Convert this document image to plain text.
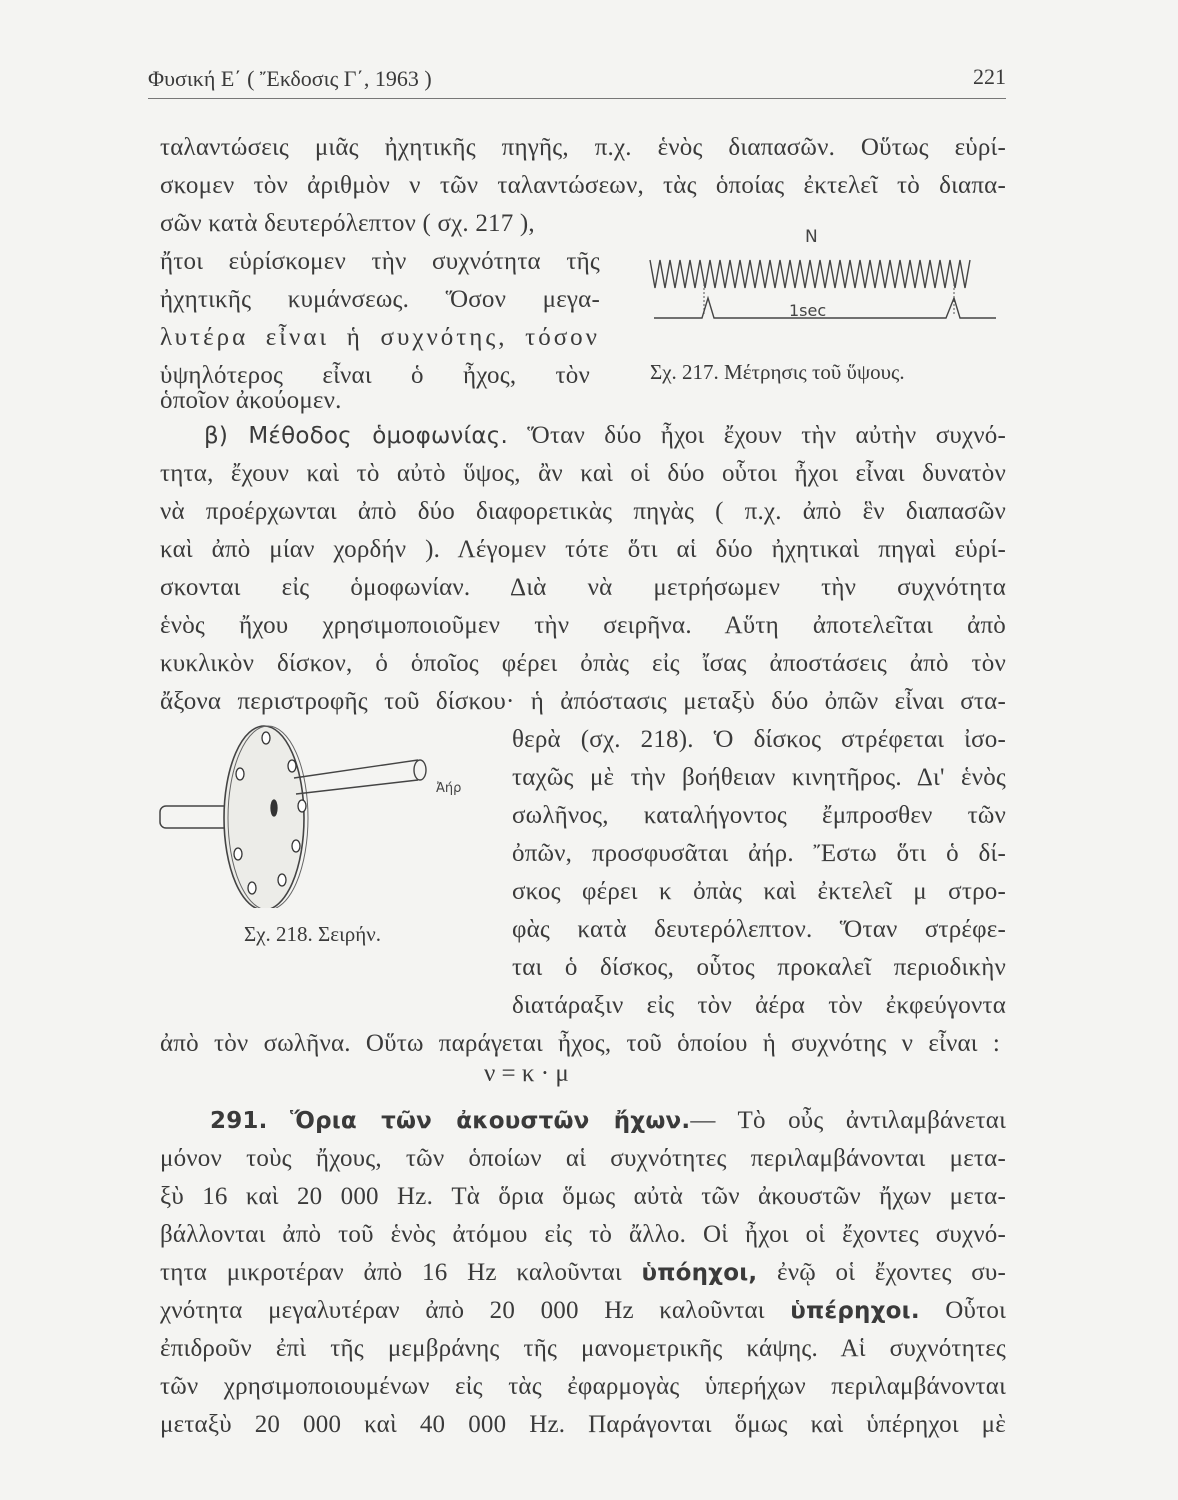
Φυσική Ε΄ ( Ἔκδοσις Γ΄, 1963 )	221
ταλαντώσεις μιᾶς ἠχητικῆς πηγῆς, π.χ. ἑνὸς διαπασῶν. Οὕτως εὑρί-
σκομεν τὸν ἀριθμὸν ν τῶν ταλαντώσεων, τὰς ὁποίας ἐκτελεῖ τὸ διαπα-
σῶν κατὰ δευτερόλεπτον ( σχ. 217 ),
ἤτοι εὑρίσκομεν τὴν συχνότητα τῆς
ἠχητικῆς κυμάνσεως. Ὅσον μεγα-
λυτέρα εἶναι ἡ συχνότης, τόσον
ὑψηλότερος εἶναι ὁ ἦχος, τὸν
ὁποῖον ἀκούομεν.
N
1sec
Σχ. 217. Μέτρησις τοῦ ὕψους.
β) Μέθοδος ὁμοφωνίας. Ὅταν δύο ἦχοι ἔχουν τὴν αὐτὴν συχνό-
τητα, ἔχουν καὶ τὸ αὐτὸ ὕψος, ἂν καὶ οἱ δύο οὗτοι ἦχοι εἶναι δυνατὸν
νὰ προέρχωνται ἀπὸ δύο διαφορετικὰς πηγὰς ( π.χ. ἀπὸ ἓν διαπασῶν
καὶ ἀπὸ μίαν χορδήν ). Λέγομεν τότε ὅτι αἱ δύο ἠχητικαὶ πηγαὶ εὑρί-
σκονται εἰς ὁμοφωνίαν. Διὰ νὰ μετρήσωμεν τὴν συχνότητα
ἑνὸς ἤχου χρησιμοποιοῦμεν τὴν σειρῆνα. Αὕτη ἀποτελεῖται ἀπὸ
κυκλικὸν δίσκον, ὁ ὁποῖος φέρει ὀπὰς εἰς ἴσας ἀποστάσεις ἀπὸ τὸν
ἄξονα περιστροφῆς τοῦ δίσκου· ἡ ἀπόστασις μεταξὺ δύο ὀπῶν εἶναι στα-
θερὰ (σχ. 218). Ὁ δίσκος στρέφεται ἰσο-
ταχῶς μὲ τὴν βοήθειαν κινητῆρος. Δι' ἑνὸς
σωλῆνος, καταλήγοντος ἔμπροσθεν τῶν
ὀπῶν, προσφυσᾶται ἀήρ. Ἔστω ὅτι ὁ δί-
σκος φέρει κ ὀπὰς καὶ ἐκτελεῖ μ στρο-
φὰς κατὰ δευτερόλεπτον. Ὅταν στρέφε-
ται ὁ δίσκος, οὗτος προκαλεῖ περιοδικὴν
διατάραξιν εἰς τὸν ἀέρα τὸν ἐκφεύγοντα
ἀπὸ τὸν σωλῆνα. Οὕτω παράγεται ἦχος, τοῦ ὁποίου ἡ συχνότης ν εἶναι :
ν = κ · μ
Ἀήρ
Σχ. 218. Σειρήν.
291. Ὅρια τῶν ἀκουστῶν ἤχων.— Τὸ οὖς ἀντιλαμβάνεται
μόνον τοὺς ἤχους, τῶν ὁποίων αἱ συχνότητες περιλαμβάνονται μετα-
ξὺ 16 καὶ 20 000 Hz. Τὰ ὅρια ὅμως αὐτὰ τῶν ἀκουστῶν ἤχων μετα-
βάλλονται ἀπὸ τοῦ ἑνὸς ἀτόμου εἰς τὸ ἄλλο. Οἱ ἦχοι οἱ ἔχοντες συχνό-
τητα μικροτέραν ἀπὸ 16 Hz καλοῦνται ὑπόηχοι, ἐνῷ οἱ ἔχοντες συ-
χνότητα μεγαλυτέραν ἀπὸ 20 000 Hz καλοῦνται ὑπέρηχοι. Οὗτοι
ἐπιδροῦν ἐπὶ τῆς μεμβράνης τῆς μανομετρικῆς κάψης. Αἱ συχνότητες
τῶν χρησιμοποιουμένων εἰς τὰς ἐφαρμογὰς ὑπερήχων περιλαμβάνονται
μεταξὺ 20 000 καὶ 40 000 Hz. Παράγονται ὅμως καὶ ὑπέρηχοι μὲ
